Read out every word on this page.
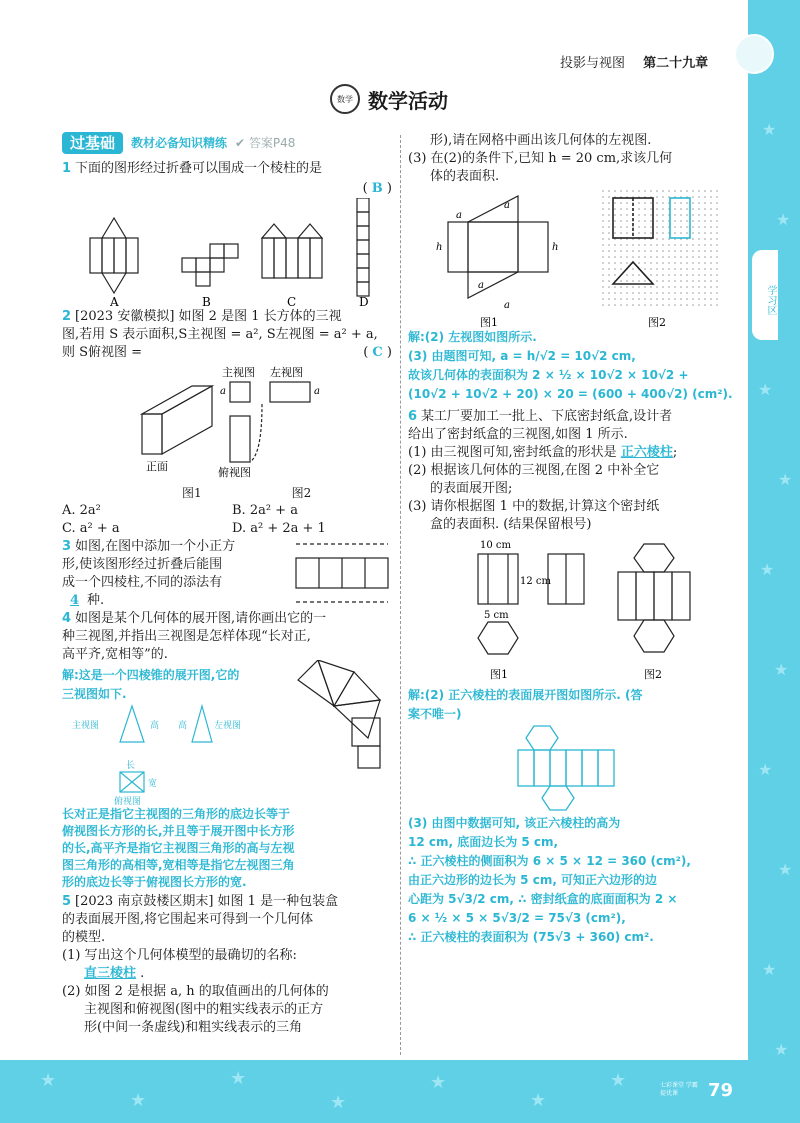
★
★
★
★
★
★
★
★
★
★
学习区
★
★
★
★
★
★
★
投影与视图 第二十九章
数学 数学活动
过基础	教材必备知识精练 ✔ 答案P48
1 下面的图形经过折叠可以围成一个棱柱的是
( B )
A	B	C	D
2 [2023 安徽模拟] 如图 2 是图 1 长方体的三视
图,若用 S 表示面积,S主视图 = a², S左视图 = a² + a,
则 S俯视图 =	( C )
主视图 左视图
a	a
俯视图
正面
图1	图2
A. 2a²	B. 2a² + a
C. a² + a	D. a² + 2a + 1
3 如图,在图中添加一个小正方
形,使该图形经过折叠后能围
成一个四棱柱,不同的添法有
4 种.
4 如图是某个几何体的展开图,请你画出它的一
种三视图,并指出三视图是怎样体现“长对正,
高平齐,宽相等”的.
解:这是一个四棱锥的展开图,它的
三视图如下.
主视图	高 高	左视图
长
宽
俯视图
长对正是指它主视图的三角形的底边长等于
俯视图长方形的长,并且等于展开图中长方形
的长,高平齐是指它主视图三角形的高与左视
图三角形的高相等,宽相等是指它左视图三角
形的底边长等于俯视图长方形的宽.
5 [2023 南京鼓楼区期末] 如图 1 是一种包装盒
的表面展开图,将它围起来可得到一个几何体
的模型.
(1) 写出这个几何体模型的最确切的名称:
直三棱柱 .
(2) 如图 2 是根据 a, h 的取值画出的几何体的
主视图和俯视图(图中的粗实线表示的正方
形(中间一条虚线)和粗实线表示的三角
形),请在网格中画出该几何体的左视图.
(3) 在(2)的条件下,已知 h = 20 cm,求该几何
体的表面积.
a
a
h	h
a
a
图1	图2
解:(2) 左视图如图所示.
(3) 由题图可知, a = h/√2 = 10√2 cm,
故该几何体的表面积为 2 × ½ × 10√2 × 10√2 +
(10√2 + 10√2 + 20) × 20 = (600 + 400√2) (cm²).
6 某工厂要加工一批上、下底密封纸盒,设计者
给出了密封纸盒的三视图,如图 1 所示.
(1) 由三视图可知,密封纸盒的形状是 正六棱柱;
(2) 根据该几何体的三视图,在图 2 中补全它
的表面展开图;
(3) 请你根据图 1 中的数据,计算这个密封纸
盒的表面积. (结果保留根号)
10 cm
12 cm
5 cm
图1	图2
解:(2) 正六棱柱的表面展开图如图所示. (答
案不唯一)
(3) 由图中数据可知, 该正六棱柱的高为
12 cm, 底面边长为 5 cm,
∴ 正六棱柱的侧面积为 6 × 5 × 12 = 360 (cm²),
由正六边形的边长为 5 cm, 可知正六边形的边
心距为 5√3/2 cm, ∴ 密封纸盒的底面面积为 2 ×
6 × ½ × 5 × 5√3/2 = 75√3 (cm²),
∴ 正六棱柱的表面积为 (75√3 + 360) cm².
七彩课堂 学霸提优课	79
